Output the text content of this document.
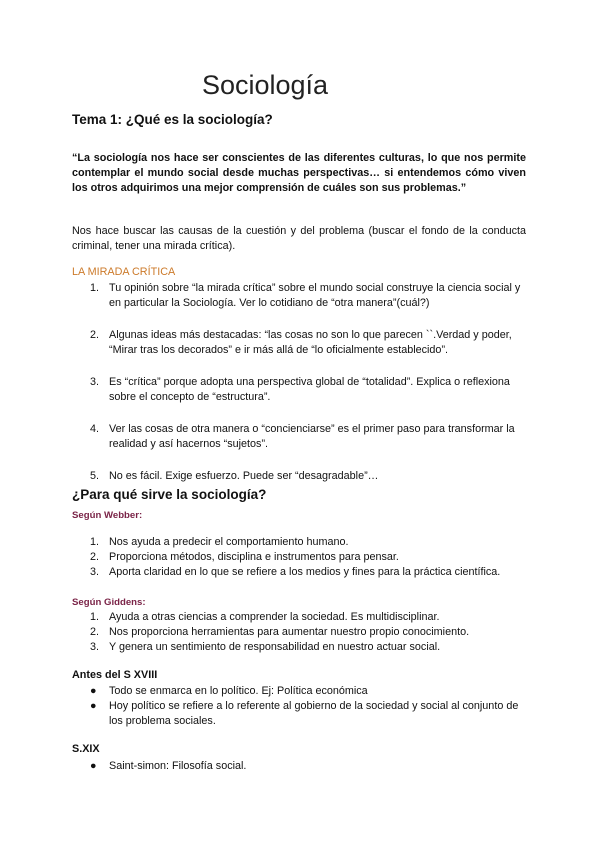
Sociología
Tema 1: ¿Qué es la sociología?
“La sociología nos hace ser conscientes de las diferentes culturas, lo que nos permite contemplar el mundo social desde muchas perspectivas… si entendemos cómo viven los otros adquirimos una mejor comprensión de cuáles son sus problemas.”
Nos hace buscar las causas de la cuestión y del problema (buscar el fondo de la conducta criminal, tener una mirada crítica).
LA MIRADA CRÍTICA
1. Tu opinión sobre “la mirada crítica” sobre el mundo social construye la ciencia social y en particular la Sociología. Ver lo cotidiano de “otra manera”(cuál?)
2. Algunas ideas más destacadas: “las cosas no son lo que parecen ``.Verdad y poder, “Mirar tras los decorados” e ir más allá de “lo oficialmente establecido”.
3. Es “crítica” porque adopta una perspectiva global de “totalidad”. Explica o reflexiona sobre el concepto de “estructura”.
4. Ver las cosas de otra manera o “concienciarse” es el primer paso para transformar la realidad y así hacernos “sujetos”.
5. No es fácil. Exige esfuerzo. Puede ser “desagradable”…
¿Para qué sirve la sociología?
Según Webber:
1. Nos ayuda a predecir el comportamiento humano.
2. Proporciona métodos, disciplina e instrumentos para pensar.
3. Aporta claridad en lo que se refiere a los medios y fines para la práctica científica.
Según Giddens:
1. Ayuda a otras ciencias a comprender la sociedad. Es multidisciplinar.
2. Nos proporciona herramientas para aumentar nuestro propio conocimiento.
3. Y genera un sentimiento de responsabilidad en nuestro actuar social.
Antes del S XVIII
● Todo se enmarca en lo político. Ej: Política económica
● Hoy político se refiere a lo referente al gobierno de la sociedad y social al conjunto de los problema sociales.
S.XIX
● Saint-simon: Filosofía social.
